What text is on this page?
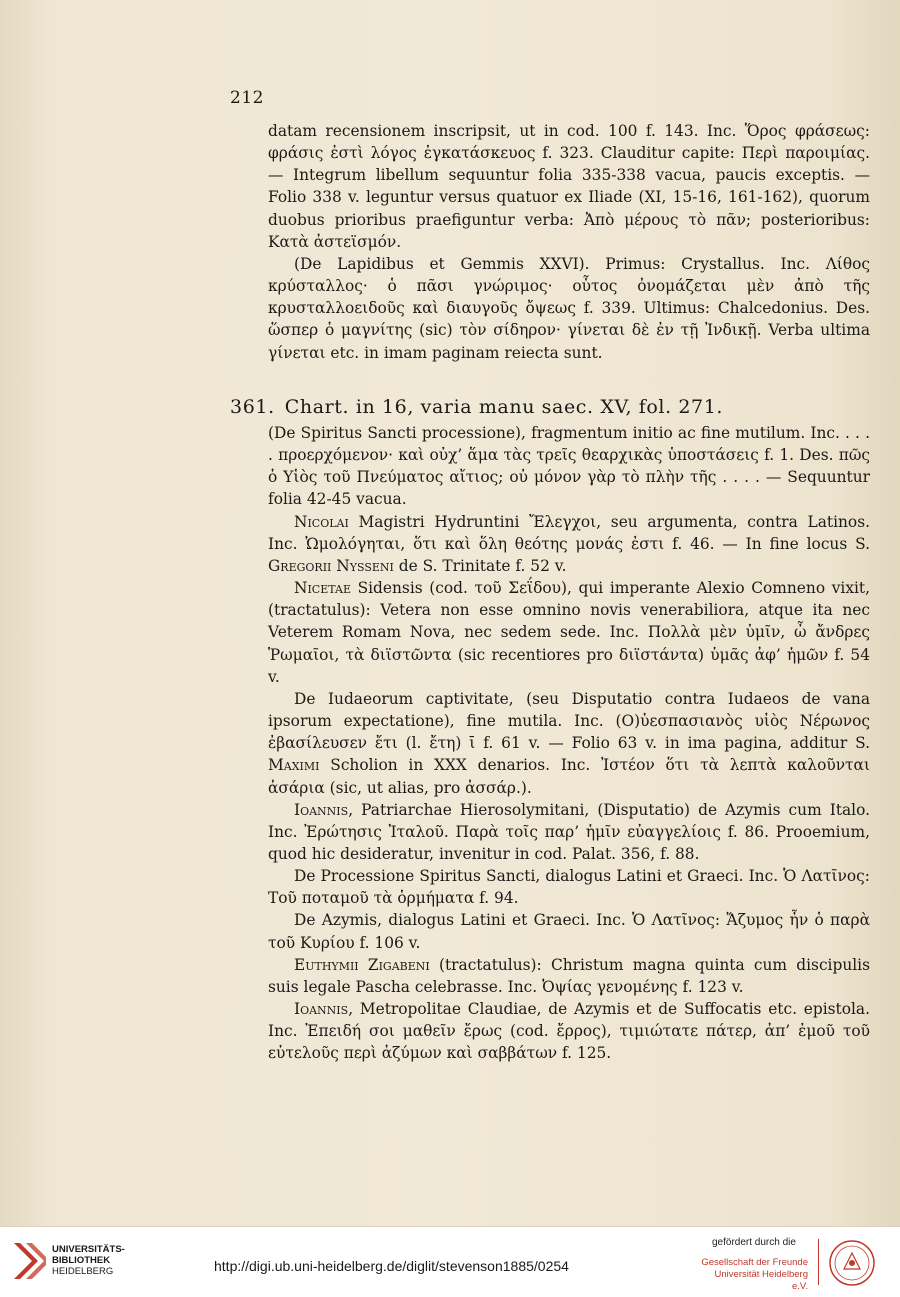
212

datam recensionem inscripsit, ut in cod. 100 f. 143. Inc. Ὅρος φράσεως: φράσις ἐστὶ λόγος ἐγκατάσκευος f. 323. Clauditur capite: Περὶ παροιμίας. — Integrum libellum sequuntur folia 335-338 vacua, paucis exceptis. — Folio 338 v. leguntur versus quatuor ex Iliade (XI, 15-16, 161-162), quorum duobus prioribus praefiguntur verba: Ἀπὸ μέρους τὸ πᾶν; posterioribus: Κατὰ ἀστεϊσμόν.

(De Lapidibus et Gemmis XXVI). Primus: Crystallus. Inc. Λίθος κρύσταλλος· ὁ πᾶσι γνώριμος· οὗτος ὀνομάζεται μὲν ἀπὸ τῆς κρυσταλλοειδοῦς καὶ διαυγοῦς ὄψεως f. 339. Ultimus: Chalcedonius. Des. ὥσπερ ὁ μαγνίτης (sic) τὸν σίδηρον· γίνεται δὲ ἐν τῇ Ἰνδικῇ. Verba ultima γίνεται etc. in imam paginam reiecta sunt.

361. Chart. in 16, varia manu saec. XV, fol. 271.

(De Spiritus Sancti processione), fragmentum initio ac fine mutilum. Inc. . . . . προερχόμενον· καὶ οὐχ’ ἅμα τὰς τρεῖς θεαρχικὰς ὑποστάσεις f. 1. Des. πῶς ὁ Υἱὸς τοῦ Πνεύματος αἴτιος; οὐ μόνον γὰρ τὸ πλὴν τῆς . . . . — Sequuntur folia 42-45 vacua.

Nicolai Magistri Hydruntini Ἔλεγχοι, seu argumenta, contra Latinos. Inc. Ὡμολόγηται, ὅτι καὶ ὅλη θεότης μονάς ἐστι f. 46. — In fine locus S. Gregorii Nysseni de S. Trinitate f. 52 v.

Nicetae Sidensis (cod. τοῦ Σεΐδου), qui imperante Alexio Comneno vixit, (tractatulus): Vetera non esse omnino novis venerabiliora, atque ita nec Veterem Romam Nova, nec sedem sede. Inc. Πολλὰ μὲν ὑμῖν, ὦ ἄνδρες Ῥωμαῖοι, τὰ διϊστῶντα (sic recentiores pro διϊστάντα) ὑμᾶς ἀφ’ ἡμῶν f. 54 v.

De Iudaeorum captivitate, (seu Disputatio contra Iudaeos de vana ipsorum expectatione), fine mutila. Inc. (Ο)ὐεσπασιανὸς υἱὸς Νέρωνος ἐβασίλευσεν ἔτι (l. ἔτη) ῑ f. 61 v. — Folio 63 v. in ima pagina, additur S. Maximi Scholion in XXX denarios. Inc. Ἰστέον ὅτι τὰ λεπτὰ καλοῦνται ἀσάρια (sic, ut alias, pro ἀσσάρ.).

Ioannis, Patriarchae Hierosolymitani, (Disputatio) de Azymis cum Italo. Inc. Ἐρώτησις Ἰταλοῦ. Παρὰ τοῖς παρ’ ἡμῖν εὐαγγελίοις f. 86. Prooemium, quod hic desideratur, invenitur in cod. Palat. 356, f. 88.

De Processione Spiritus Sancti, dialogus Latini et Graeci. Inc. Ὁ Λατῖνος: Τοῦ ποταμοῦ τὰ ὁρμήματα f. 94.

De Azymis, dialogus Latini et Graeci. Inc. Ὁ Λατῖνος: Ἄζυμος ἦν ὁ παρὰ τοῦ Κυρίου f. 106 v.

Euthymii Zigabeni (tractatulus): Christum magna quinta cum discipulis suis legale Pascha celebrasse. Inc. Ὀψίας γενομένης f. 123 v.

Ioannis, Metropolitae Claudiae, de Azymis et de Suffocatis etc. epistola. Inc. Ἐπειδή σοι μαθεῖν ἔρως (cod. ἔρρος), τιμιώτατε πάτερ, ἀπ’ ἐμοῦ τοῦ εὐτελοῦς περὶ ἀζύμων καὶ σαββάτων f. 125.

UNIVERSITÄTS-
BIBLIOTHEK

HEIDELBERG	http://digi.ub.uni-heidelberg.de/diglit/stevenson1885/0254
gefördert durch die
Gesellschaft der Freunde
Universität Heidelberg e.V.
